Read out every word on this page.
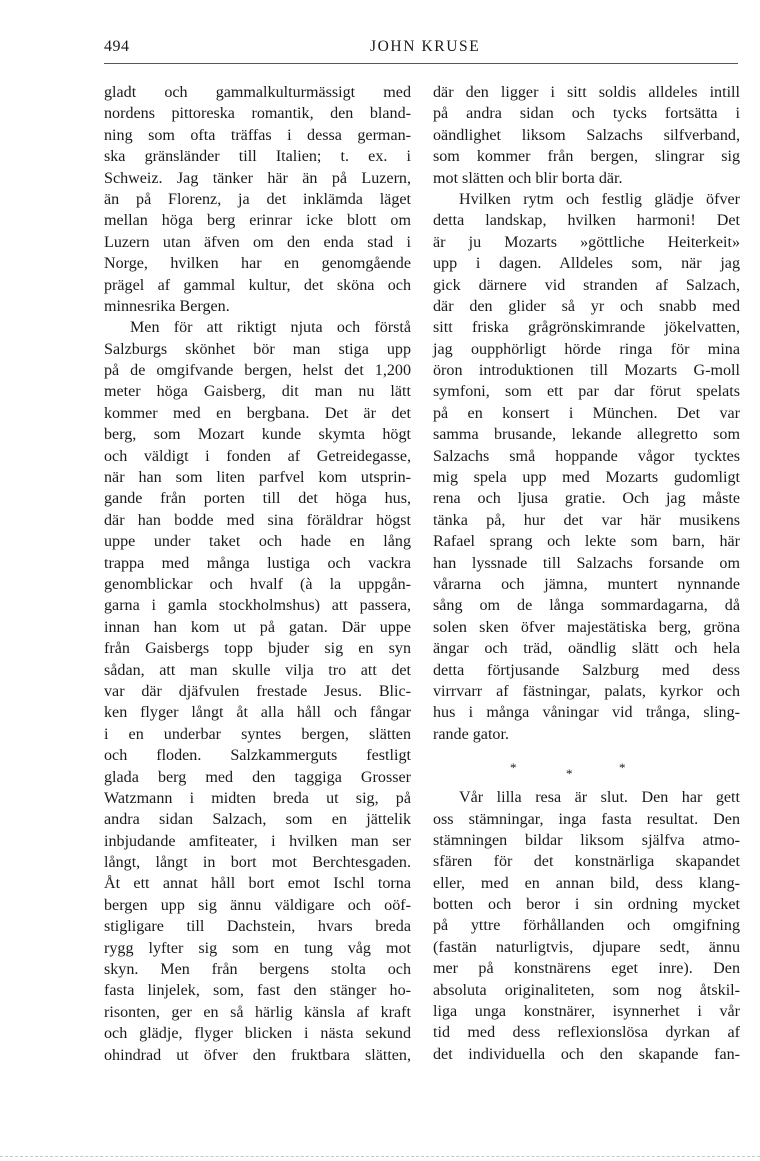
494	JOHN KRUSE
gladt och gammalkulturmässigt med
nordens pittoreska romantik, den bland-
ning som ofta träffas i dessa german-
ska gränsländer till Italien; t. ex. i
Schweiz. Jag tänker här än på Luzern,
än på Florenz, ja det inklämda läget
mellan höga berg erinrar icke blott om
Luzern utan äfven om den enda stad i
Norge, hvilken har en genomgående
prägel af gammal kultur, det sköna och
minnesrika Bergen.
Men för att riktigt njuta och förstå
Salzburgs skönhet bör man stiga upp
på de omgifvande bergen, helst det 1,200
meter höga Gaisberg, dit man nu lätt
kommer med en bergbana. Det är det
berg, som Mozart kunde skymta högt
och väldigt i fonden af Getreidegasse,
när han som liten parfvel kom utsprin-
gande från porten till det höga hus,
där han bodde med sina föräldrar högst
uppe under taket och hade en lång
trappa med många lustiga och vackra
genomblickar och hvalf (à la uppgån-
garna i gamla stockholmshus) att passera,
innan han kom ut på gatan. Där uppe
från Gaisbergs topp bjuder sig en syn
sådan, att man skulle vilja tro att det
var där djäfvulen frestade Jesus. Blic-
ken flyger långt åt alla håll och fångar
i en underbar syntes bergen, slätten
och floden. Salzkammerguts festligt
glada berg med den taggiga Grosser
Watzmann i midten breda ut sig, på
andra sidan Salzach, som en jättelik
inbjudande amfiteater, i hvilken man ser
långt, långt in bort mot Berchtesgaden.
Åt ett annat håll bort emot Ischl torna
bergen upp sig ännu väldigare och oöf-
stigligare till Dachstein, hvars breda
rygg lyfter sig som en tung våg mot
skyn. Men från bergens stolta och
fasta linjelek, som, fast den stänger ho-
risonten, ger en så härlig känsla af kraft
och glädje, flyger blicken i nästa sekund
ohindrad ut öfver den fruktbara slätten,
där den ligger i sitt soldis alldeles intill
på andra sidan och tycks fortsätta i
oändlighet liksom Salzachs silfverband,
som kommer från bergen, slingrar sig
mot slätten och blir borta där.
Hvilken rytm och festlig glädje öfver
detta landskap, hvilken harmoni! Det
är ju Mozarts »göttliche Heiterkeit»
upp i dagen. Alldeles som, när jag
gick därnere vid stranden af Salzach,
där den glider så yr och snabb med
sitt friska grågrönskimrande jökelvatten,
jag oupphörligt hörde ringa för mina
öron introduktionen till Mozarts G-moll
symfoni, som ett par dar förut spelats
på en konsert i München. Det var
samma brusande, lekande allegretto som
Salzachs små hoppande vågor tycktes
mig spela upp med Mozarts gudomligt
rena och ljusa gratie. Och jag måste
tänka på, hur det var här musikens
Rafael sprang och lekte som barn, här
han lyssnade till Salzachs forsande om
vårarna och jämna, muntert nynnande
sång om de långa sommardagarna, då
solen sken öfver majestätiska berg, gröna
ängar och träd, oändlig slätt och hela
detta förtjusande Salzburg med dess
virrvarr af fästningar, palats, kyrkor och
hus i många våningar vid trånga, sling-
rande gator.
*	*	*
Vår lilla resa är slut. Den har gett
oss stämningar, inga fasta resultat. Den
stämningen bildar liksom själfva atmo-
sfären för det konstnärliga skapandet
eller, med en annan bild, dess klang-
botten och beror i sin ordning mycket
på yttre förhållanden och omgifning
(fastän naturligtvis, djupare sedt, ännu
mer på konstnärens eget inre). Den
absoluta originaliteten, som nog åtskil-
liga unga konstnärer, isynnerhet i vår
tid med dess reflexionslösa dyrkan af
det individuella och den skapande fan-
